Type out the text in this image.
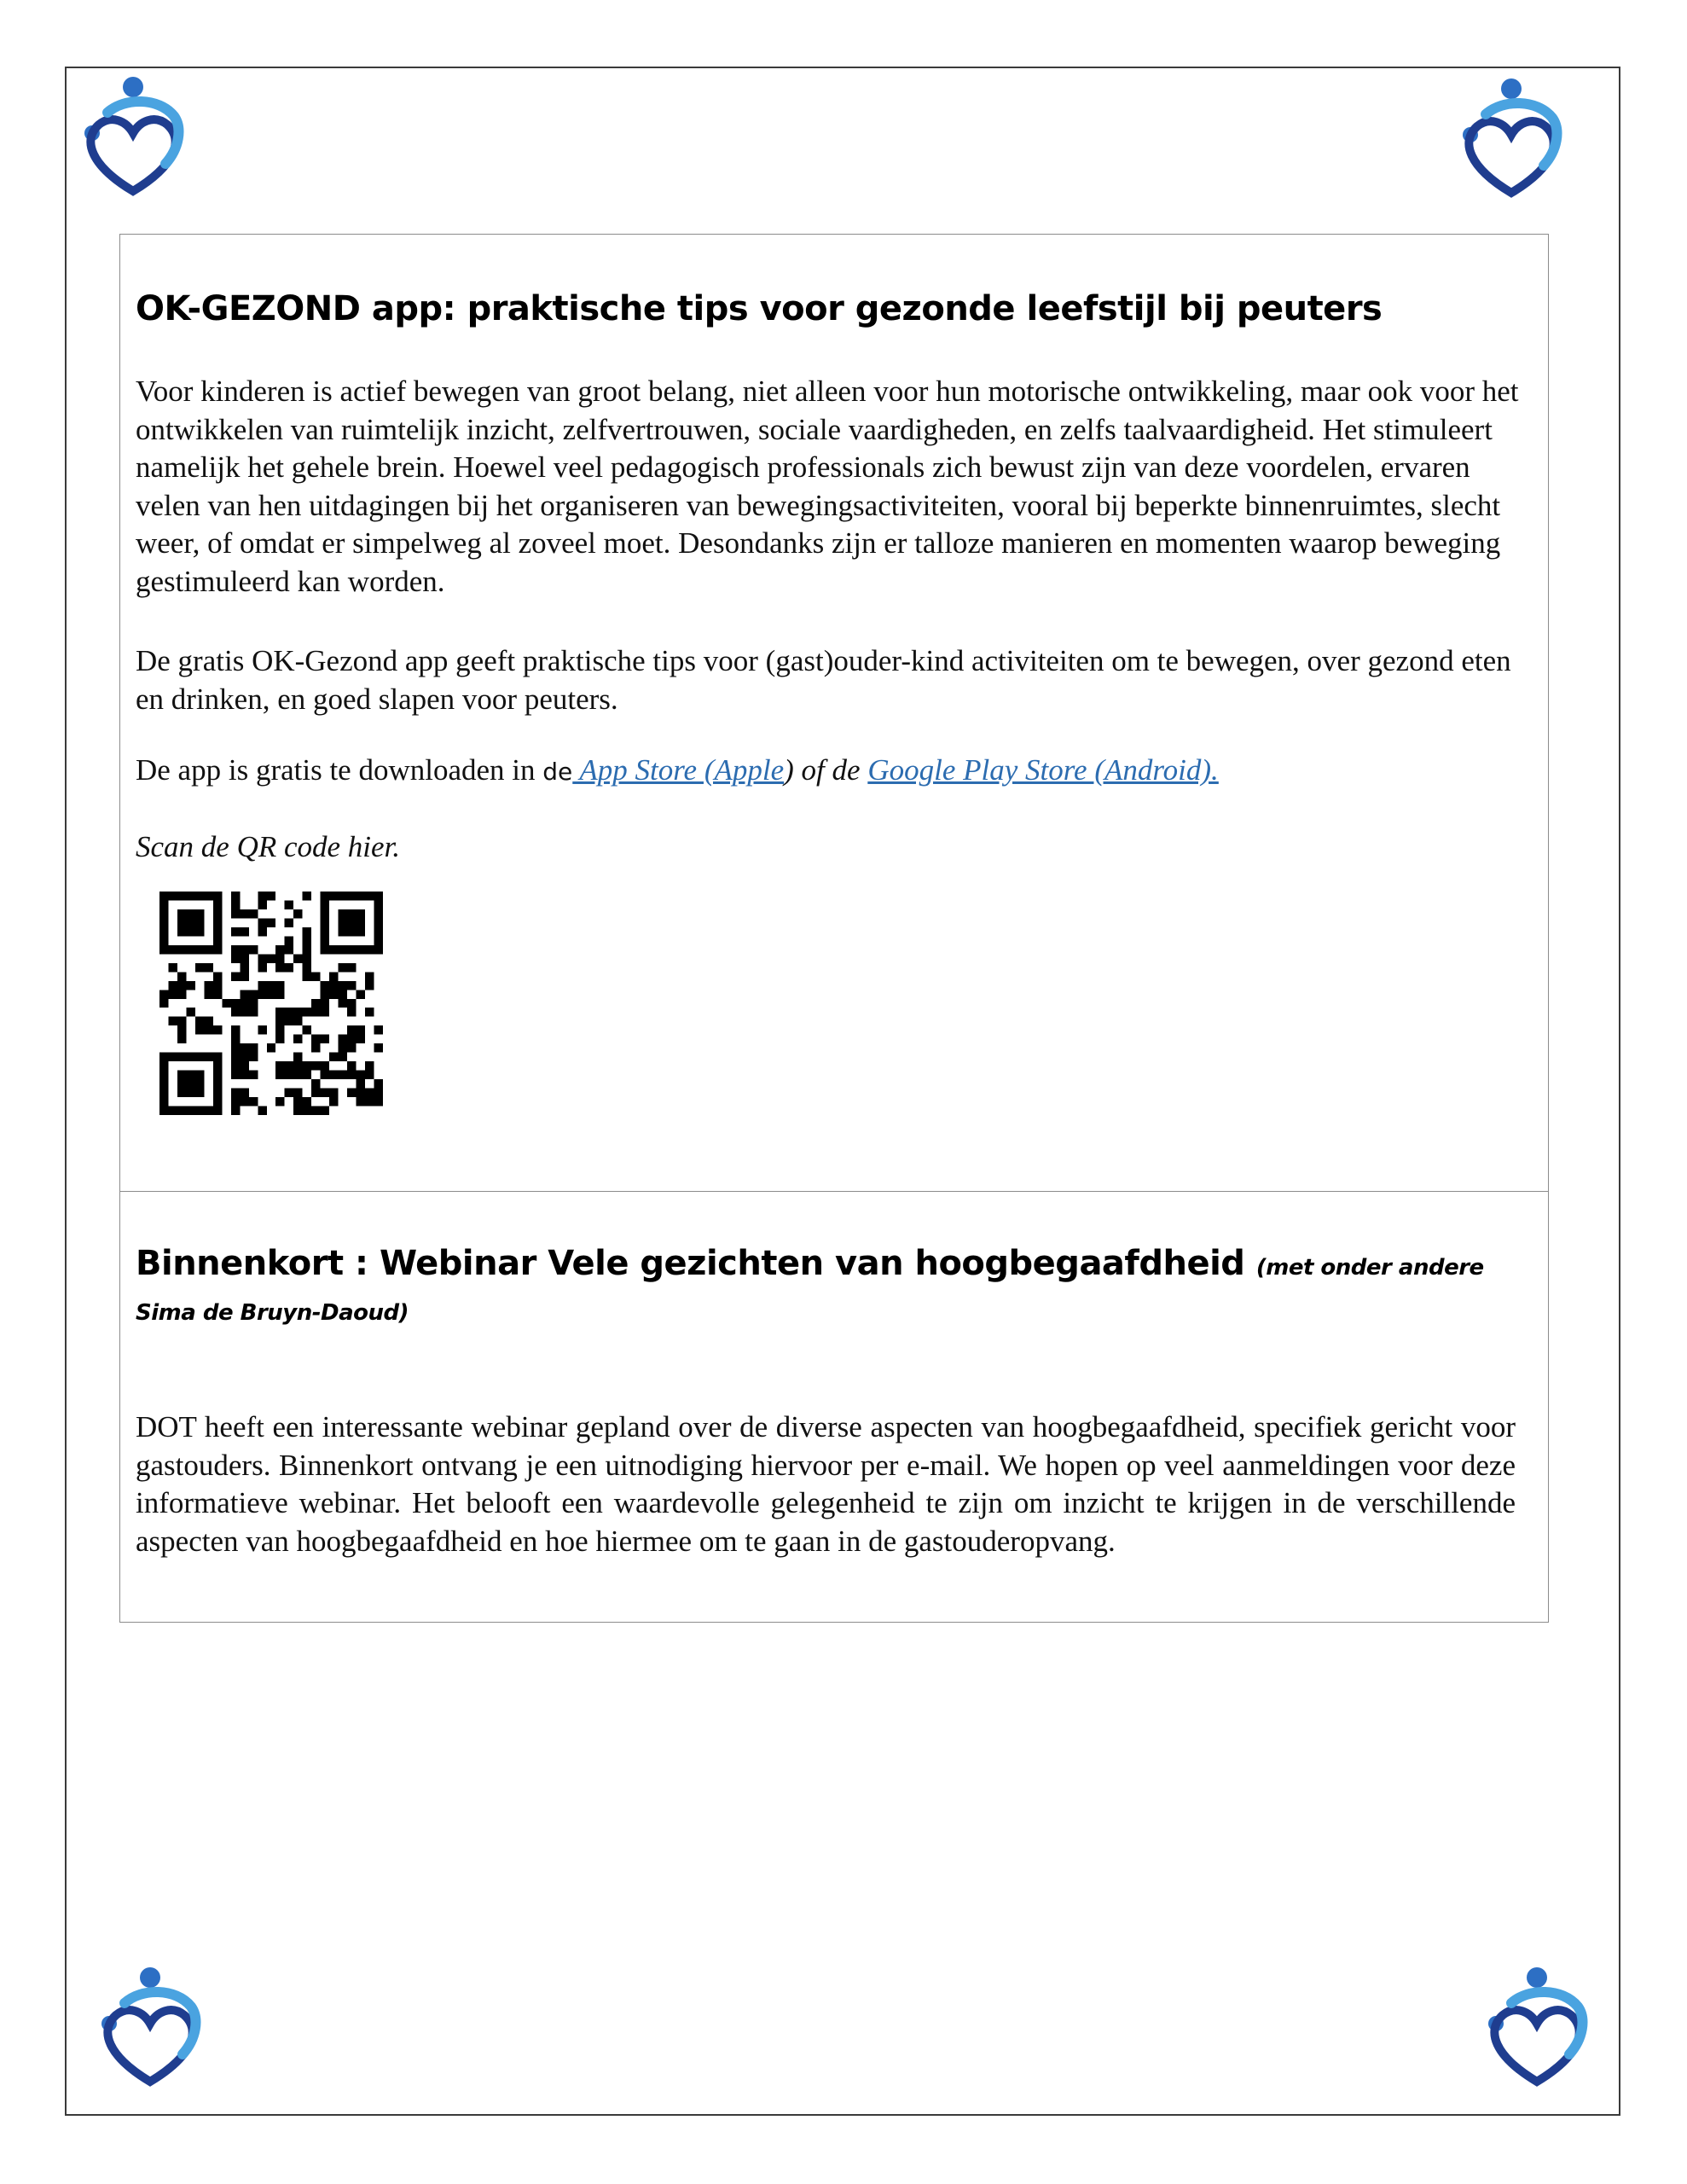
OK-GEZOND app: praktische tips voor gezonde leefstijl bij peuters

Voor kinderen is actief bewegen van groot belang, niet alleen voor hun motorische ontwikkeling, maar ook voor het ontwikkelen van ruimtelijk inzicht, zelfvertrouwen, sociale vaardigheden, en zelfs taalvaardigheid. Het stimuleert namelijk het gehele brein. Hoewel veel pedagogisch professionals zich bewust zijn van deze voordelen, ervaren velen van hen uitdagingen bij het organiseren van bewegingsactiviteiten, vooral bij beperkte binnenruimtes, slecht weer, of omdat er simpelweg al zoveel moet. Desondanks zijn er talloze manieren en momenten waarop beweging gestimuleerd kan worden.

De gratis OK-Gezond app geeft praktische tips voor (gast)ouder-kind activiteiten om te bewegen, over gezond eten en drinken, en goed slapen voor peuters.

De app is gratis te downloaden in de App Store (Apple) of de Google Play Store (Android).

Scan de QR code hier.

Binnenkort : Webinar Vele gezichten van hoogbegaafdheid (met onder andere Sima de Bruyn-Daoud)

DOT heeft een interessante webinar gepland over de diverse aspecten van hoogbegaafdheid, specifiek gericht voor gastouders. Binnenkort ontvang je een uitnodiging hiervoor per e-mail. We hopen op veel aanmeldingen voor deze informatieve webinar. Het belooft een waardevolle gelegenheid te zijn om inzicht te krijgen in de verschillende aspecten van hoogbegaafdheid en hoe hiermee om te gaan in de gastouderopvang.
